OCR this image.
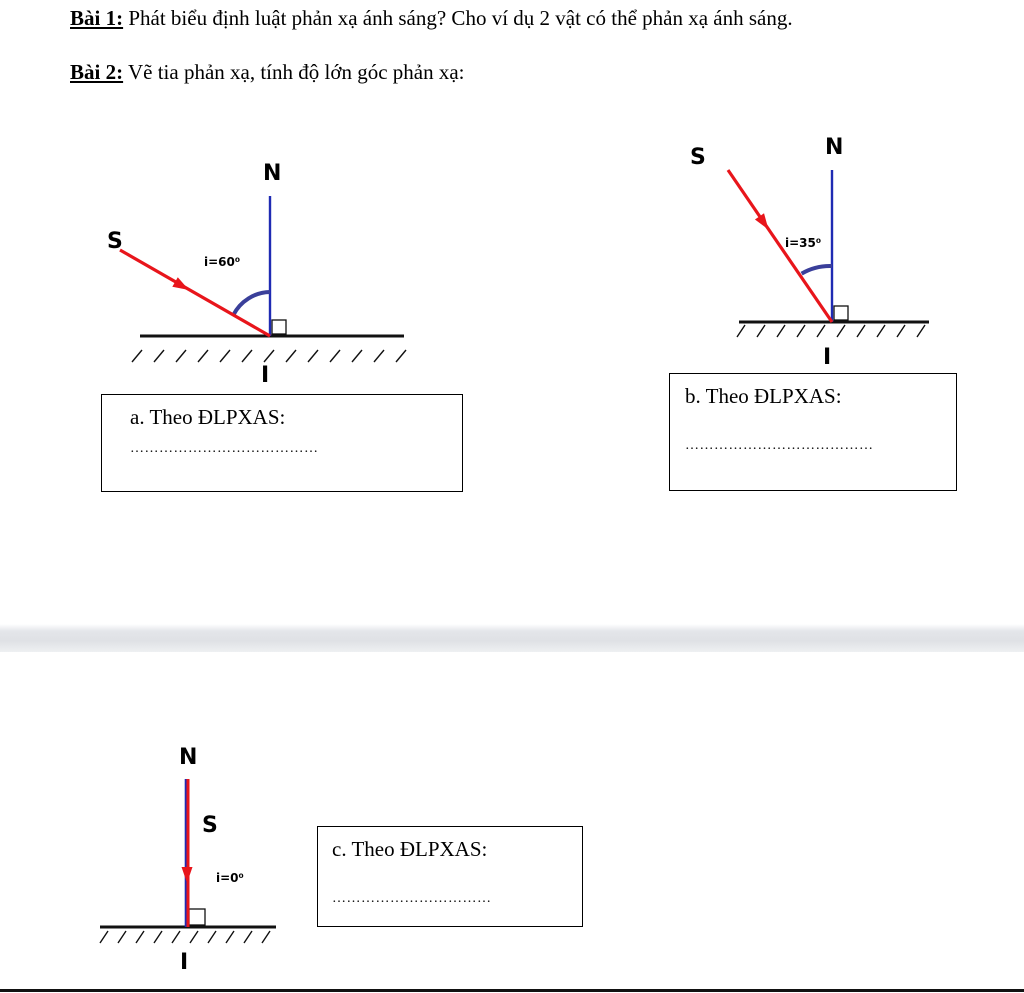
Bài 1: Phát biểu định luật phản xạ ánh sáng? Cho ví dụ 2 vật có thể phản xạ ánh sáng.
Bài 2: Vẽ tia phản xạ, tính độ lớn góc phản xạ:
N
S
I
i=60⁰
a. Theo ĐLPXAS:
…………………………………
N
S
I
i=35⁰
b. Theo ĐLPXAS:
…………………………………
N
S
I
i=0⁰
c. Theo ĐLPXAS:
……………………………
